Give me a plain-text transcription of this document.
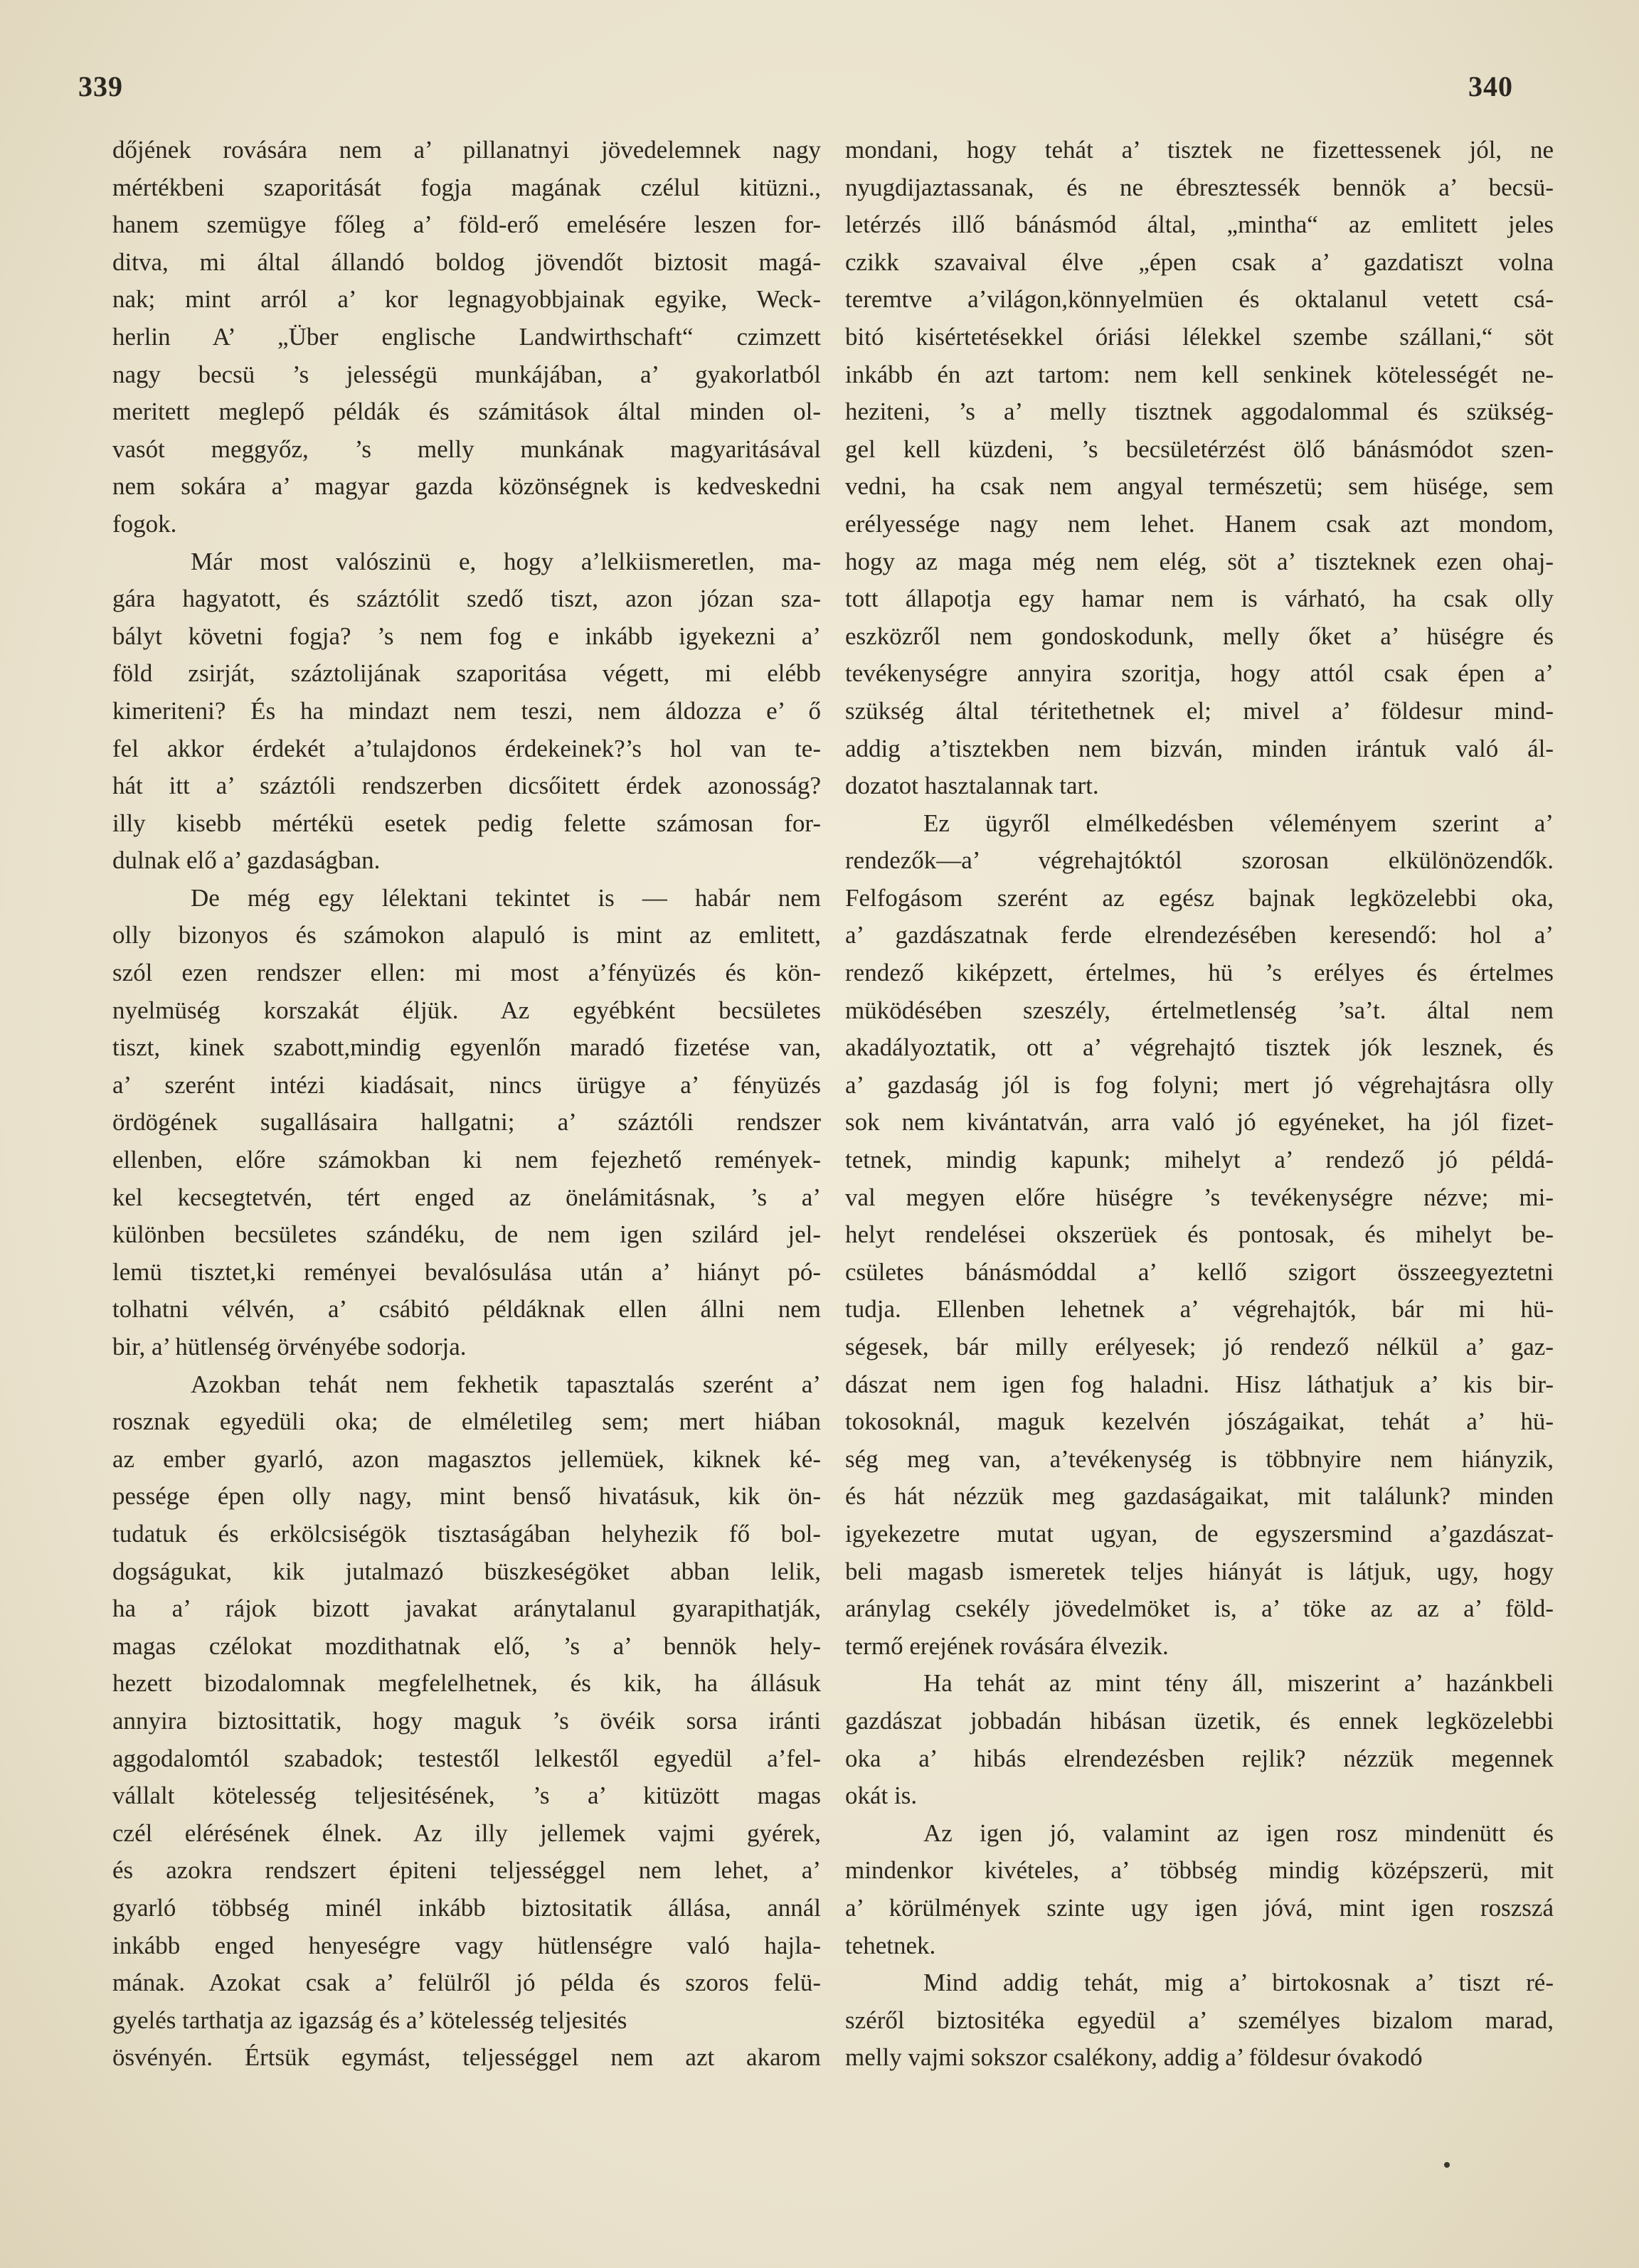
339	340
dőjének rovására nem a’ pillanatnyi jövedelemnek nagy
mértékbeni szaporitását fogja magának czélul kitüzni.,
hanem szemügye főleg a’ föld-erő emelésére leszen for-
ditva, mi által állandó boldog jövendőt biztosit magá-
nak; mint arról a’ kor legnagyobbjainak egyike, Weck-
herlin A’ „Über englische Landwirthschaft“ czimzett
nagy becsü ’s jelességü munkájában, a’ gyakorlatból
meritett meglepő példák és számitások által minden ol-
vasót meggyőz, ’s melly munkának magyaritásával
nem sokára a’ magyar gazda közönségnek is kedveskedni
fogok.
Már most valószinü e, hogy a’lelkiismeretlen, ma-
gára hagyatott, és száztólit szedő tiszt, azon józan sza-
bályt követni fogja? ’s nem fog e inkább igyekezni a’
föld zsirját, száztolijának szaporitása végett, mi elébb
kimeriteni? És ha mindazt nem teszi, nem áldozza e’ ő
fel akkor érdekét a’tulajdonos érdekeinek?’s hol van te-
hát itt a’ száztóli rendszerben dicsőitett érdek azonosság?
illy kisebb mértékü esetek pedig felette számosan for-
dulnak elő a’ gazdaságban.
De még egy lélektani tekintet is — habár nem
olly bizonyos és számokon alapuló is mint az emlitett,
szól ezen rendszer ellen: mi most a’fényüzés és kön-
nyelmüség korszakát éljük. Az egyébként becsületes
tiszt, kinek szabott,mindig egyenlőn maradó fizetése van,
a’ szerént intézi kiadásait, nincs ürügye a’ fényüzés
ördögének sugallásaira hallgatni; a’ száztóli rendszer
ellenben, előre számokban ki nem fejezhető remények-
kel kecsegtetvén, tért enged az önelámitásnak, ’s a’
különben becsületes szándéku, de nem igen szilárd jel-
lemü tisztet,ki reményei bevalósulása után a’ hiányt pó-
tolhatni vélvén, a’ csábitó példáknak ellen állni nem
bir, a’ hütlenség örvényébe sodorja.
Azokban tehát nem fekhetik tapasztalás szerént a’
rosznak egyedüli oka; de elméletileg sem; mert hiában
az ember gyarló, azon magasztos jellemüek, kiknek ké-
pessége épen olly nagy, mint benső hivatásuk, kik ön-
tudatuk és erkölcsiségök tisztaságában helyhezik fő bol-
dogságukat, kik jutalmazó büszkeségöket abban lelik,
ha a’ rájok bizott javakat aránytalanul gyarapithatják,
magas czélokat mozdithatnak elő, ’s a’ bennök hely-
hezett bizodalomnak megfelelhetnek, és kik, ha állásuk
annyira biztosittatik, hogy maguk ’s övéik sorsa iránti
aggodalomtól szabadok; testestől lelkestől egyedül a’fel-
vállalt kötelesség teljesitésének, ’s a’ kitüzött magas
czél elérésének élnek. Az illy jellemek vajmi gyérek,
és azokra rendszert épiteni teljességgel nem lehet, a’
gyarló többség minél inkább biztositatik állása, annál
inkább enged henyeségre vagy hütlenségre való hajla-
mának. Azokat csak a’ felülről jó példa és szoros felü-
gyelés tarthatja az igazság és a’ kötelesség teljesités
ösvényén. Értsük egymást, teljességgel nem azt akarom
mondani, hogy tehát a’ tisztek ne fizettessenek jól, ne
nyugdijaztassanak, és ne ébresztessék bennök a’ becsü-
letérzés illő bánásmód által, „mintha“ az emlitett jeles
czikk szavaival élve „épen csak a’ gazdatiszt volna
teremtve a’világon,könnyelmüen és oktalanul vetett csá-
bitó kisértetésekkel óriási lélekkel szembe szállani,“ söt
inkább én azt tartom: nem kell senkinek kötelességét ne-
heziteni, ’s a’ melly tisztnek aggodalommal és szükség-
gel kell küzdeni, ’s becsületérzést ölő bánásmódot szen-
vedni, ha csak nem angyal természetü; sem hüsége, sem
erélyessége nagy nem lehet. Hanem csak azt mondom,
hogy az maga még nem elég, söt a’ tiszteknek ezen ohaj-
tott állapotja egy hamar nem is várható, ha csak olly
eszközről nem gondoskodunk, melly őket a’ hüségre és
tevékenységre annyira szoritja, hogy attól csak épen a’
szükség által téritethetnek el; mivel a’ földesur mind-
addig a’tisztekben nem bizván, minden irántuk való ál-
dozatot hasztalannak tart.
Ez ügyről elmélkedésben véleményem szerint a’
rendezők—a’ végrehajtóktól szorosan elkülönözendők.
Felfogásom szerént az egész bajnak legközelebbi oka,
a’ gazdászatnak ferde elrendezésében keresendő: hol a’
rendező kiképzett, értelmes, hü ’s erélyes és értelmes
müködésében szeszély, értelmetlenség ’sa’t. által nem
akadályoztatik, ott a’ végrehajtó tisztek jók lesznek, és
a’ gazdaság jól is fog folyni; mert jó végrehajtásra olly
sok nem kivántatván, arra való jó egyéneket, ha jól fizet-
tetnek, mindig kapunk; mihelyt a’ rendező jó példá-
val megyen előre hüségre ’s tevékenységre nézve; mi-
helyt rendelései okszerüek és pontosak, és mihelyt be-
csületes bánásmóddal a’ kellő szigort összeegyeztetni
tudja. Ellenben lehetnek a’ végrehajtók, bár mi hü-
ségesek, bár milly erélyesek; jó rendező nélkül a’ gaz-
dászat nem igen fog haladni. Hisz láthatjuk a’ kis bir-
tokosoknál, maguk kezelvén jószágaikat, tehát a’ hü-
ség meg van, a’tevékenység is többnyire nem hiányzik,
és hát nézzük meg gazdaságaikat, mit találunk? minden
igyekezetre mutat ugyan, de egyszersmind a’gazdászat-
beli magasb ismeretek teljes hiányát is látjuk, ugy, hogy
aránylag csekély jövedelmöket is, a’ töke az az a’ föld-
termő erejének rovására élvezik.
Ha tehát az mint tény áll, miszerint a’ hazánkbeli
gazdászat jobbadán hibásan üzetik, és ennek legközelebbi
oka a’ hibás elrendezésben rejlik? nézzük megennek
okát is.
Az igen jó, valamint az igen rosz mindenütt és
mindenkor kivételes, a’ többség mindig középszerü, mit
a’ körülmények szinte ugy igen jóvá, mint igen roszszá
tehetnek.
Mind addig tehát, mig a’ birtokosnak a’ tiszt ré-
széről biztositéka egyedül a’ személyes bizalom marad,
melly vajmi sokszor csalékony, addig a’ földesur óvakodó
